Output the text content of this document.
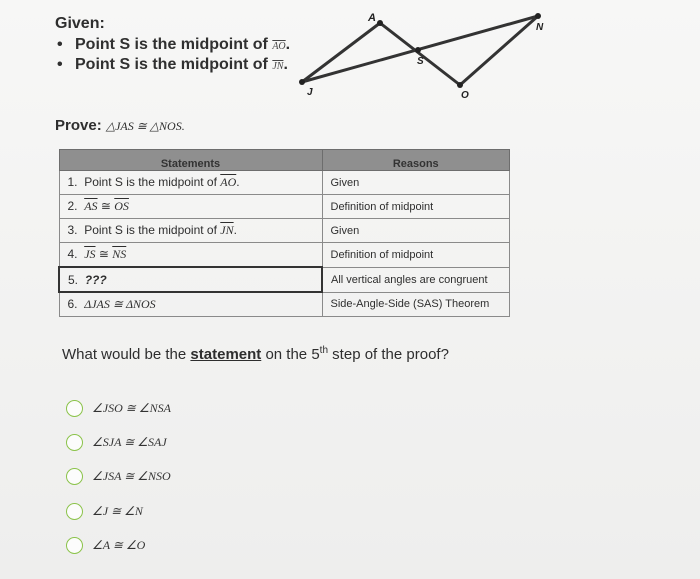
Given:
• Point S is the midpoint of $\overline{AO}$.
• Point S is the midpoint of $\overline{JN}$.
A
N
S
J	O
Prove: △JAS ≅ △NOS.
Statements	Reasons
1. Point S is the midpoint of $\overline{AO}$.	Given
2. $\overline{AS}$ ≅ $\overline{OS}$	Definition of midpoint
3. Point S is the midpoint of $\overline{JN}$.	Given
4. $\overline{JS}$ ≅ $\overline{NS}$	Definition of midpoint
5. ???	All vertical angles are congruent
6. ΔJAS ≅ ΔNOS	Side-Angle-Side (SAS) Theorem
What would be the statement on the 5th step of the proof?
∠JSO ≅ ∠NSA
∠SJA ≅ ∠SAJ
∠JSA ≅ ∠NSO
∠J ≅ ∠N
∠A ≅ ∠O
